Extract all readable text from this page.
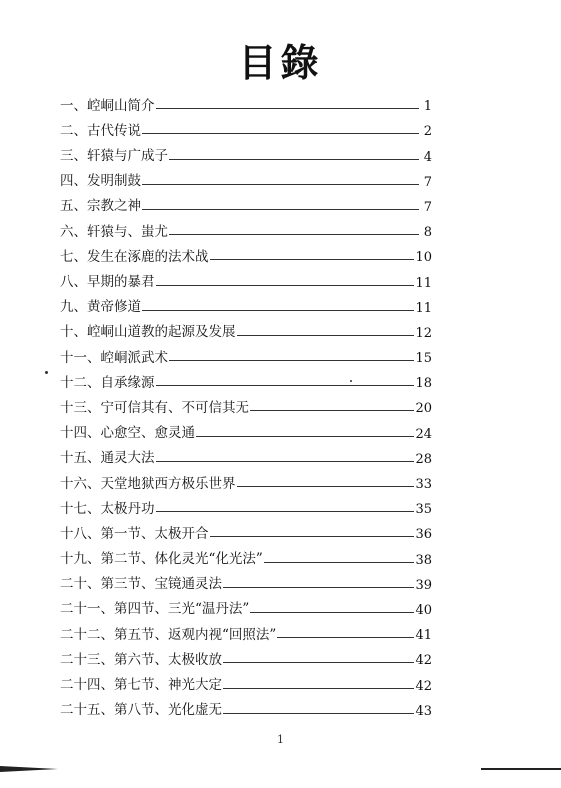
目錄
一、崆峒山简介	1
二、古代传说	2
三、轩猿与广成子	4
四、发明制鼓	7
五、宗教之神	7
六、轩猿与、蚩尤	8
七、发生在涿鹿的法术战	10
八、早期的暴君	11
九、黄帝修道	11
十、崆峒山道教的起源及发展	12
十一、崆峒派武术	15
十二、自承缘源	18
十三、宁可信其有、不可信其无	20
十四、心愈空、愈灵通	24
十五、通灵大法	28
十六、天堂地狱西方极乐世界	33
十七、太极丹功	35
十八、第一节、太极开合	36
十九、第二节、体化灵光“化光法”	38
二十、第三节、宝镜通灵法	39
二十一、第四节、三光“温丹法”	40
二十二、第五节、返观内视“回照法”	41
二十三、第六节、太极收放	42
二十四、第七节、神光大定	42
二十五、第八节、光化虚无	43
1
